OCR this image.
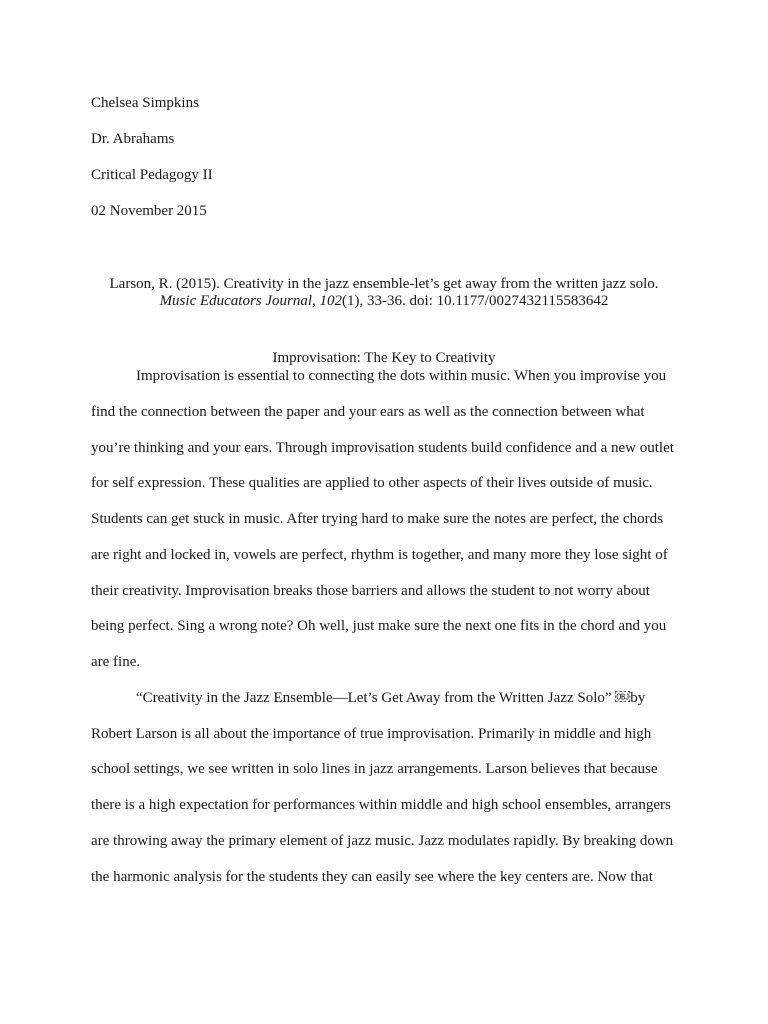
Chelsea Simpkins
Dr. Abrahams
Critical Pedagogy II
02 November 2015
Larson, R. (2015). Creativity in the jazz ensemble-let’s get away from the written jazz solo.
Music Educators Journal, 102(1), 33-36. doi: 10.1177/0027432115583642
Improvisation: The Key to Creativity
Improvisation is essential to connecting the dots within music. When you improvise you
find the connection between the paper and your ears as well as the connection between what
you’re thinking and your ears. Through improvisation students build confidence and a new outlet
for self expression. These qualities are applied to other aspects of their lives outside of music.
Students can get stuck in music. After trying hard to make sure the notes are perfect, the chords
are right and locked in, vowels are perfect, rhythm is together, and many more they lose sight of
their creativity. Improvisation breaks those barriers and allows the student to not worry about
being perfect. Sing a wrong note? Oh well, just make sure the next one fits in the chord and you
are fine.
“Creativity in the Jazz Ensemble—Let’s Get Away from the Written Jazz Solo” ￼by
Robert Larson is all about the importance of true improvisation. Primarily in middle and high
school settings, we see written in solo lines in jazz arrangements. Larson believes that because
there is a high expectation for performances within middle and high school ensembles, arrangers
are throwing away the primary element of jazz music. Jazz modulates rapidly. By breaking down
the harmonic analysis for the students they can easily see where the key centers are. Now that
